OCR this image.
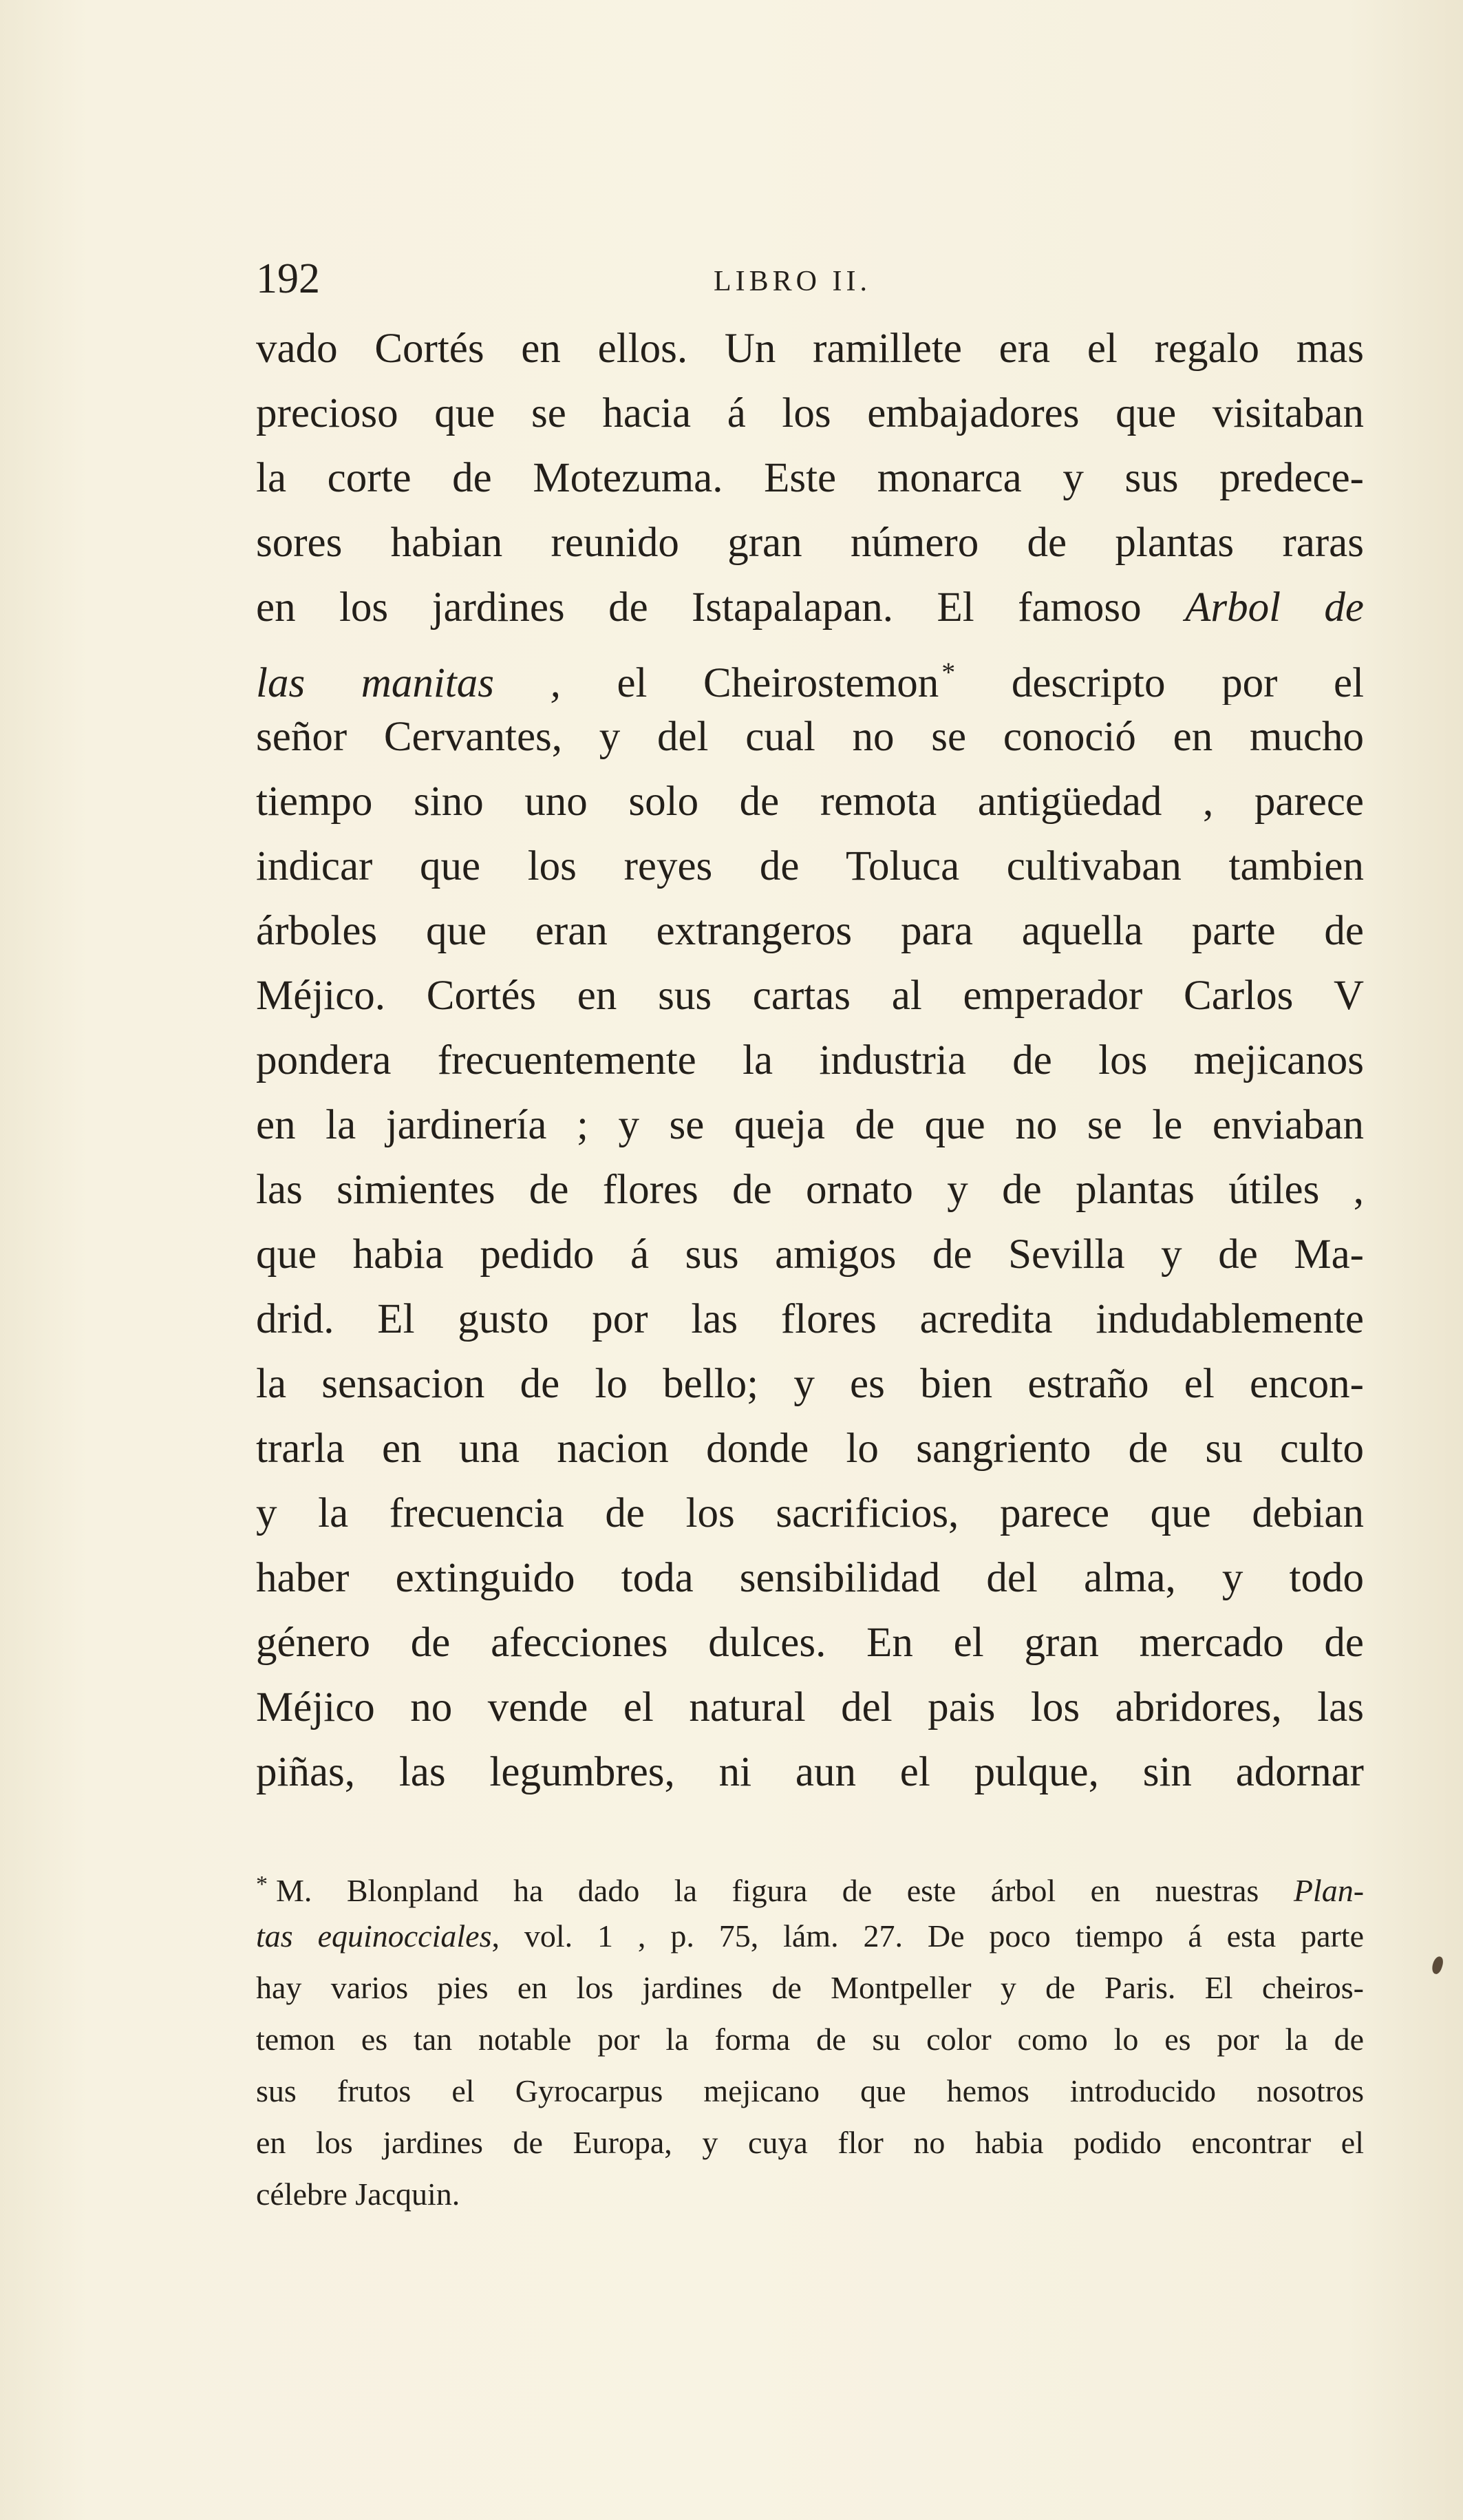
192	LIBRO II.
vado Cortés en ellos. Un ramillete era el regalo mas
precioso que se hacia á los embajadores que visitaban
la corte de Motezuma. Este monarca y sus predece-
sores habian reunido gran número de plantas raras
en los jardines de Istapalapan. El famoso Arbol de
las manitas , el Cheirostemon * descripto por el
señor Cervantes, y del cual no se conoció en mucho
tiempo sino uno solo de remota antigüedad , parece
indicar que los reyes de Toluca cultivaban tambien
árboles que eran extrangeros para aquella parte de
Méjico. Cortés en sus cartas al emperador Carlos V
pondera frecuentemente la industria de los mejicanos
en la jardinería ; y se queja de que no se le enviaban
las simientes de flores de ornato y de plantas útiles ,
que habia pedido á sus amigos de Sevilla y de Ma-
drid. El gusto por las flores acredita indudablemente
la sensacion de lo bello; y es bien estraño el encon-
trarla en una nacion donde lo sangriento de su culto
y la frecuencia de los sacrificios, parece que debian
haber extinguido toda sensibilidad del alma, y todo
género de afecciones dulces. En el gran mercado de
Méjico no vende el natural del pais los abridores, las
piñas, las legumbres, ni aun el pulque, sin adornar
* M. Blonpland ha dado la figura de este árbol en nuestras Plan-
tas equinocciales, vol. 1 , p. 75, lám. 27. De poco tiempo á esta parte
hay varios pies en los jardines de Montpeller y de Paris. El cheiros-
temon es tan notable por la forma de su color como lo es por la de
sus frutos el Gyrocarpus mejicano que hemos introducido nosotros
en los jardines de Europa, y cuya flor no habia podido encontrar el
célebre Jacquin.
